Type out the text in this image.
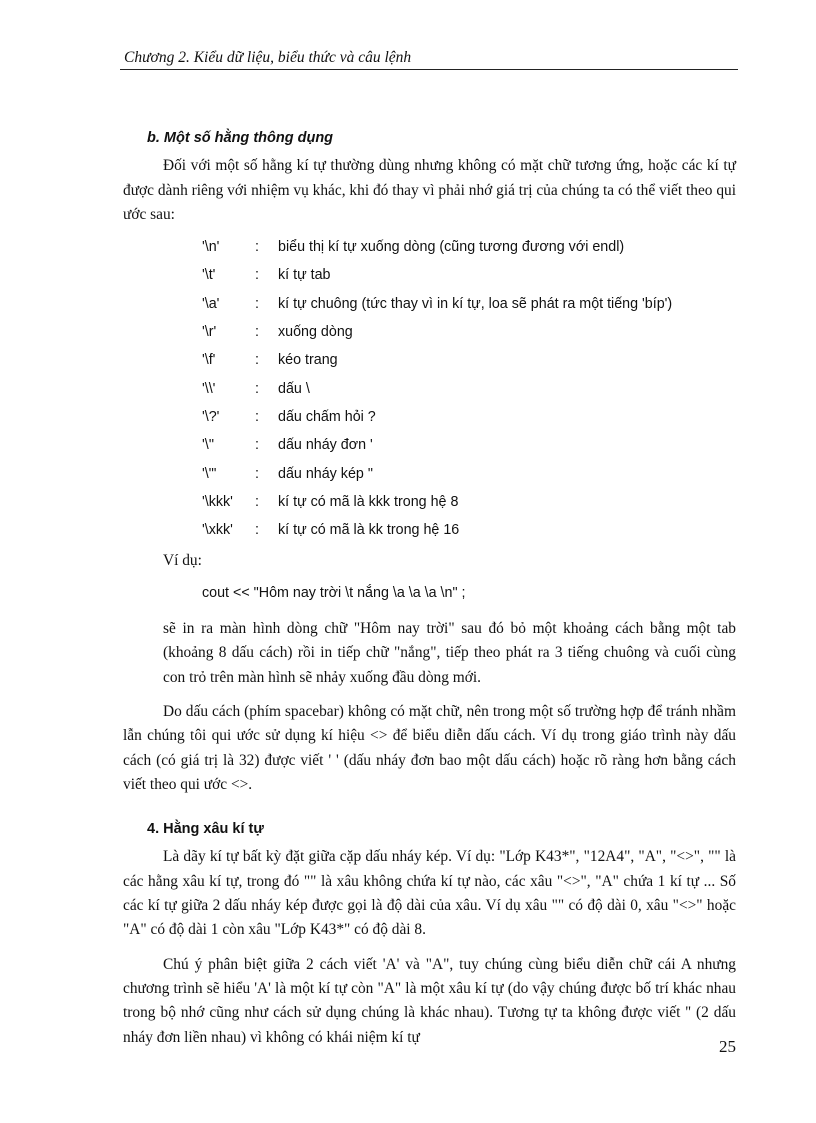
Chương 2. Kiểu dữ liệu, biểu thức và câu lệnh
b. Một số hằng thông dụng

Đối với một số hằng kí tự thường dùng nhưng không có mặt chữ tương ứng, hoặc các kí tự được dành riêng với nhiệm vụ khác, khi đó thay vì phải nhớ giá trị của chúng ta có thể viết theo qui ước sau:

'\n'	:	biểu thị kí tự xuống dòng (cũng tương đương với endl)
'\t'	:	kí tự tab
'\a'	:	kí tự chuông (tức thay vì in kí tự, loa sẽ phát ra một tiếng 'bíp')
'\r'	:	xuống dòng
'\f'	:	kéo trang
'\\'	:	dấu \
'\?'	:	dấu chấm hỏi ?
'\''	:	dấu nháy đơn '
'\"'	:	dấu nháy kép "
'\kkk'	:	kí tự có mã là kkk trong hệ 8
'\xkk'	:	kí tự có mã là kk trong hệ 16

Ví dụ:

cout << "Hôm nay trời \t nắng \a \a \a \n" ;

sẽ in ra màn hình dòng chữ "Hôm nay trời" sau đó bỏ một khoảng cách bằng một tab (khoảng 8 dấu cách) rồi in tiếp chữ "nắng", tiếp theo phát ra 3 tiếng chuông và cuối cùng con trỏ trên màn hình sẽ nhảy xuống đầu dòng mới.

Do dấu cách (phím spacebar) không có mặt chữ, nên trong một số trường hợp để tránh nhầm lẫn chúng tôi qui ước sử dụng kí hiệu <> để biểu diễn dấu cách. Ví dụ trong giáo trình này dấu cách (có giá trị là 32) được viết ' ' (dấu nháy đơn bao một dấu cách) hoặc rõ ràng hơn bằng cách viết theo qui ước <>.

4. Hằng xâu kí tự

Là dãy kí tự bất kỳ đặt giữa cặp dấu nháy kép. Ví dụ: "Lớp K43*", "12A4", "A", "<>", "" là các hằng xâu kí tự, trong đó "" là xâu không chứa kí tự nào, các xâu "<>", "A" chứa 1 kí tự ... Số các kí tự giữa 2 dấu nháy kép được gọi là độ dài của xâu. Ví dụ xâu "" có độ dài 0, xâu "<>" hoặc "A" có độ dài 1 còn xâu "Lớp K43*" có độ dài 8.

Chú ý phân biệt giữa 2 cách viết 'A' và "A", tuy chúng cùng biểu diễn chữ cái A nhưng chương trình sẽ hiểu 'A' là một kí tự còn "A" là một xâu kí tự (do vậy chúng được bố trí khác nhau trong bộ nhớ cũng như cách sử dụng chúng là khác nhau). Tương tự ta không được viết '' (2 dấu nháy đơn liền nhau) vì không có khái niệm kí tự	25
